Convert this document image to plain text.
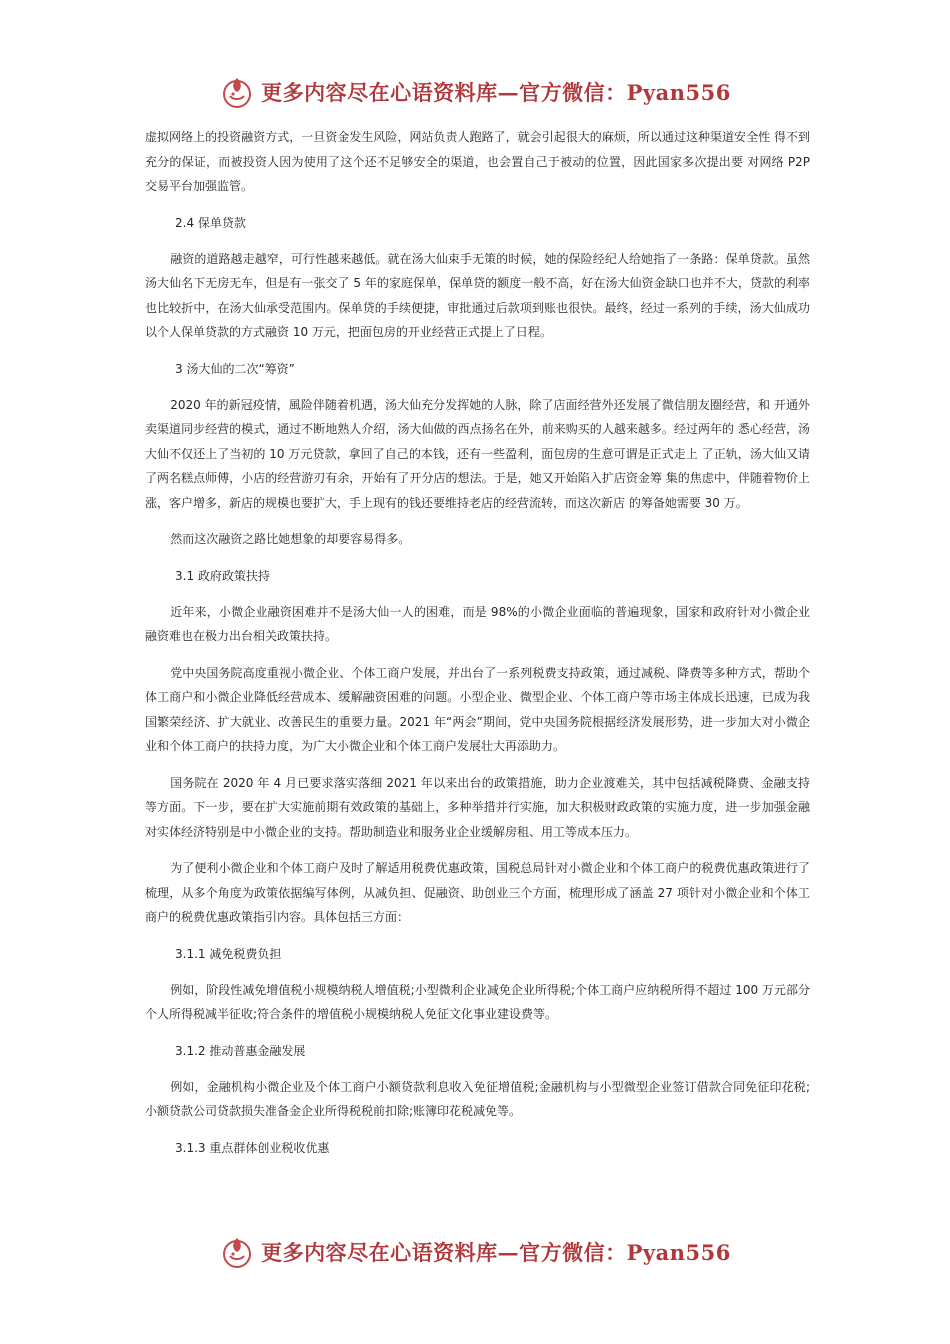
更多内容尽在心语资料库—官方微信：Pyan556

虚拟网络上的投资融资方式，一旦资金发生风险，网站负责人跑路了，就会引起很大的麻烦，所以通过这种渠道安全性 得不到充分的保证，而被投资人因为使用了这个还不足够安全的渠道，也会置自己于被动的位置，因此国家多次提出要 对网络 P2P 交易平台加强监管。

2.4 保单贷款

融资的道路越走越窄，可行性越来越低。就在汤大仙束手无策的时候，她的保险经纪人给她指了一条路：保单贷款。虽然汤大仙名下无房无车，但是有一张交了 5 年的家庭保单，保单贷的额度一般不高，好在汤大仙资金缺口也并不大，贷款的利率也比较折中，在汤大仙承受范围内。保单贷的手续便捷，审批通过后款项到账也很快。最终，经过一系列的手续，汤大仙成功以个人保单贷款的方式融资 10 万元，把面包房的开业经营正式提上了日程。

3 汤大仙的二次“筹资”

2020 年的新冠疫情，風险伴随着机遇，汤大仙充分发挥她的人脉，除了店面经营外还发展了微信朋友圈经营，和 开通外卖渠道同步经营的模式，通过不断地熟人介绍，汤大仙做的西点扬名在外，前来购买的人越来越多。经过两年的 悉心经营，汤大仙不仅还上了当初的 10 万元贷款，拿回了自己的本钱，还有一些盈利，面包房的生意可谓是正式走上 了正轨，汤大仙又请了两名糕点师傅，小店的经营游刃有余，开始有了开分店的想法。于是，她又开始陷入扩店资金筹 集的焦虑中，伴随着物价上涨，客户增多，新店的规模也要扩大，手上现有的钱还要维持老店的经营流转，而这次新店 的筹备她需要 30 万。

然而这次融资之路比她想象的却要容易得多。

3.1 政府政策扶持

近年来，小微企业融资困难并不是汤大仙一人的困难，而是 98%的小微企业面临的普遍现象，国家和政府针对小微企业融资难也在极力出台相关政策扶持。

党中央国务院高度重视小微企业、个体工商户发展，并出台了一系列税费支持政策，通过减税、降费等多种方式，帮助个体工商户和小微企业降低经营成本、缓解融资困难的问题。小型企业、微型企业、个体工商户等市场主体成长迅速，已成为我国繁荣经济、扩大就业、改善民生的重要力量。2021 年“两会”期间，党中央国务院根据经济发展形势，进一步加大对小微企业和个体工商户的扶持力度，为广大小微企业和个体工商户发展壮大再添助力。

国务院在 2020 年 4 月已要求落实落细 2021 年以来出台的政策措施，助力企业渡难关，其中包括减税降费、金融支持等方面。下一步，要在扩大实施前期有效政策的基础上，多种举措并行实施，加大积极财政政策的实施力度，进一步加强金融对实体经济特别是中小微企业的支持。帮助制造业和服务业企业缓解房租、用工等成本压力。

为了便利小微企业和个体工商户及时了解适用税费优惠政策，国税总局针对小微企业和个体工商户的税费优惠政策进行了梳理，从多个角度为政策依据编写体例，从减负担、促融资、助创业三个方面，梳理形成了涵盖 27 项针对小微企业和个体工商户的税费优惠政策指引内容。具体包括三方面：

3.1.1 减免税费负担

例如，阶段性减免增值税小规模纳税人增值税;小型微利企业减免企业所得税;个体工商户应纳税所得不超过 100 万元部分个人所得税减半征收;符合条件的增值税小规模纳税人免征文化事业建设费等。

3.1.2 推动普惠金融发展

例如，金融机构小微企业及个体工商户小额贷款利息收入免征增值税;金融机构与小型微型企业签订借款合同免征印花税;小额贷款公司贷款损失准备金企业所得税税前扣除;账簿印花税减免等。

3.1.3 重点群体创业税收优惠
更多内容尽在心语资料库—官方微信：Pyan556
